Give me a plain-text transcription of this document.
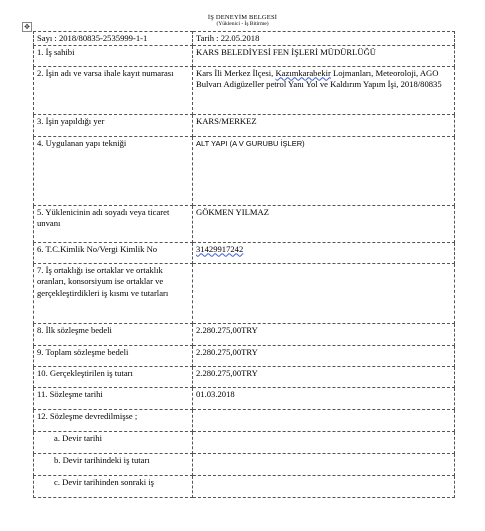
İŞ DENEYİM BELGESİ
(Yüklenici - İş Bitirme)
✥
Sayı : 2018/80835-2535999-1-1	Tarih : 22.05.2018
1. İş sahibi	KARS BELEDİYESİ FEN İŞLERİ MÜDÜRLÜĞÜ
2. İşin adı ve varsa ihale kayıt numarası	Kars İli Merkez İlçesi, Kazımkarabekir Lojmanları, Meteoroloji, AGO Bulvarı Adigüzeller petrol Yanı Yol ve Kaldırım Yapım İşi, 2018/80835
3. İşin yapıldığı yer	KARS/MERKEZ
4. Uygulanan yapı tekniği	ALT YAPI (A V GURUBU İŞLER)
5. Yüklenicinin adı soyadı veya ticaret unvanı	GÖKMEN YILMAZ
6. T.C.Kimlik No/Vergi Kimlik No	31429917242
7. İş ortaklığı ise ortaklar ve ortaklık oranları, konsorsiyum ise ortaklar ve gerçekleştirdikleri iş kısmı ve tutarları	
8. İlk sözleşme bedeli	2.280.275,00TRY
9. Toplam sözleşme bedeli	2.280.275,00TRY
10. Gerçekleştirilen iş tutarı	2.280.275,00TRY
11. Sözleşme tarihi	01.03.2018
12. Sözleşme devredilmişse ;	
a. Devir tarihi	
b. Devir tarihindeki iş tutarı	
c. Devir tarihinden sonraki iş	
